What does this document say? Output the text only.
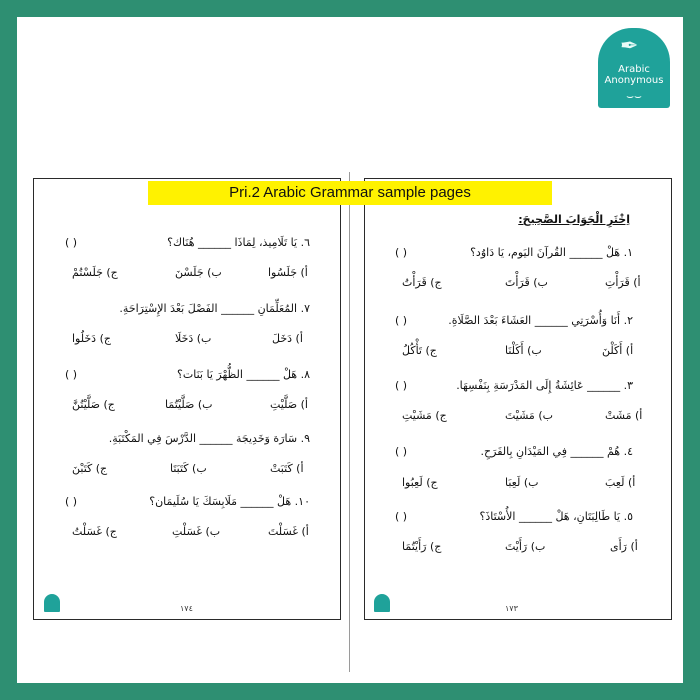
✒
Arabic
Anonymous
⌣⌣
Pri.2 Arabic Grammar sample pages
اِخْتَرِ الْجَوَابَ الصَّحِيحَ:
١. هَلْ ______ القُرآنَ اليَوم، يَا دَاوُد؟
( )
أ) قَرَأْتِ
ب) قَرَأْتَ
ج) قَرَأْتُ
٢. أَنَا وَأُسْرَتِي ______ العَشَاءَ بَعْدَ الصَّلَاةِ.
( )
أ) أَكَلْنَ
ب) أَكَلْنَا
ج) تَأْكُلُ
٣. ______ عَائِشَةُ إِلَى المَدْرَسَةِ بِنَفْسِهَا.
( )
أ) مَشَتْ
ب) مَشَيْتَ
ج) مَشَيْتِ
٤. هُمْ ______ فِي المَيْدَانِ بِالفَرَحِ.
( )
أ) لَعِبَ
ب) لَعِبَا
ج) لَعِبُوا
٥. يَا طَالِبَتَانِ، هَلْ ______ الأُسْتَاذَ؟
( )
أ) رَأَى
ب) رَأَيْتَ
ج) رَأَيْتُمَا
١٧٣
٦. يَا تَلَامِيذ، لِمَاذَا ______ هُنَاك؟
( )
أ) جَلَسُوا
ب) جَلَسْنَ
ج) جَلَسْتُمْ
٧. المُعَلِّمَانِ ______ الفَصْلَ بَعْدَ الإِسْتِرَاحَةِ.
أ) دَخَلَ
ب) دَخَلَا
ج) دَخَلُوا
٨. هَلْ ______ الظُّهْرَ يَا بَنَات؟
( )
أ) صَلَّيْتِ
ب) صَلَّيْتُمَا
ج) صَلَّيْتُنَّ
٩. سَارَة وَخَدِيجَة ______ الدَّرْسَ فِي المَكْتَبَةِ.
أ) كَتَبَتْ
ب) كَتَبَتَا
ج) كَتَبْنَ
١٠. هَلْ ______ مَلَابِسَكَ يَا سُلَيمَان؟
( )
أ) غَسَلْتَ
ب) غَسَلْتِ
ج) غَسَلْتُ
١٧٤
